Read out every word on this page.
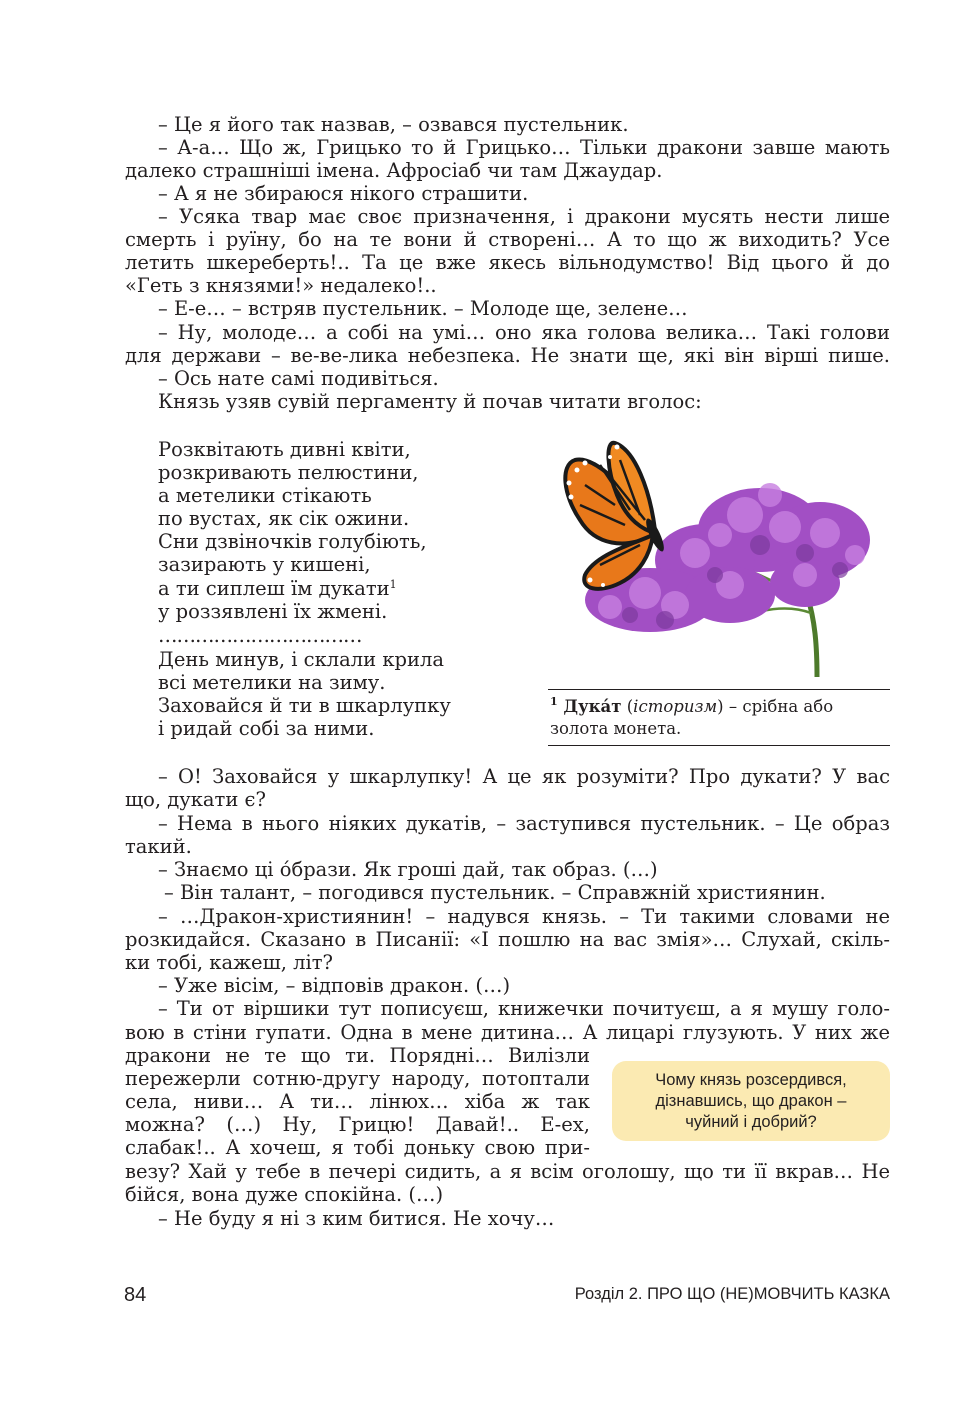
– Це я його так назвав, – озвався пустельник.
– А-а… Що ж, Грицько то й Грицько… Тільки дракони завше мають
далеко страшніші імена. Афросіаб чи там Джаудар.
– А я не збираюся нікого страшити.
– Усяка твар має своє призначення, і дракони мусять нести лише
смерть і руїну, бо на те вони й створені… А то що ж виходить? Усе
летить шкереберть!.. Та це вже якесь вільнодумство! Від цього й до
«Геть з князями!» недалеко!..
– Е-е… – встряв пустельник. – Молоде ще, зелене…
– Ну, молоде… а собі на умі… оно яка голова велика… Такі голови
для держави – ве-ве-лика небезпека. Не знати ще, які він вірші пише.
– Ось нате самі подивіться.
Князь узяв сувій пергаменту й почав читати вголос:
Розквітають дивні квіти,
розкривають пелюстини,
а метелики стікають
по вустах, як сік ожини.
Сни дзвіночків голубіють,
зазирають у кишені,
а ти сиплеш їм дукати$^1$
у роззявлені їх жмені.
……………………………
День минув, і склали крила
всі метелики на зиму.
Заховайся й ти в шкарлупку
і ридай собі за ними.
$^1$ Дука́т (історизм) – срібна або
золота монета.
– О! Заховайся у шкарлупку! А це як розуміти? Про дукати? У вас
що, дукати є?
– Нема в нього ніяких дукатів, – заступився пустельник. – Це образ
такий.
– Знаємо ці о́брази. Як гроші дай, так образ. (…)
– Він талант, – погодився пустельник. – Справжній християнин.
– …Дракон-християнин! – надувся князь. – Ти такими словами не
розкидайся. Сказано в Писанії: «І пошлю на вас змія»… Слухай, скіль-
ки тобі, кажеш, літ?
– Уже вісім, – відповів дракон. (…)
– Ти от віршики тут пописуєш, книжечки почитуєш, а я мушу голо-
вою в стіни гупати. Одна в мене дитина… А лицарі глузують. У них же
дракони не те що ти. Порядні… Вилізли
пережерли сотню-другу народу, потоптали
села, ниви… А ти… лінюх… хіба ж так
можна? (…) Ну, Грицю! Давай!.. Е-ех,
слабак!.. А хочеш, я тобі доньку свою при-
везу? Хай у тебе в печері сидить, а я всім оголошу, що ти її вкрав… Не
бійся, вона дуже спокійна. (…)
– Не буду я ні з ким битися. Не хочу…
Чому князь розсердився,
дізнавшись, що дракон –
чуйний і добрий?
84	Розділ 2. ПРО ЩО (НЕ)МОВЧИТЬ КАЗКА
